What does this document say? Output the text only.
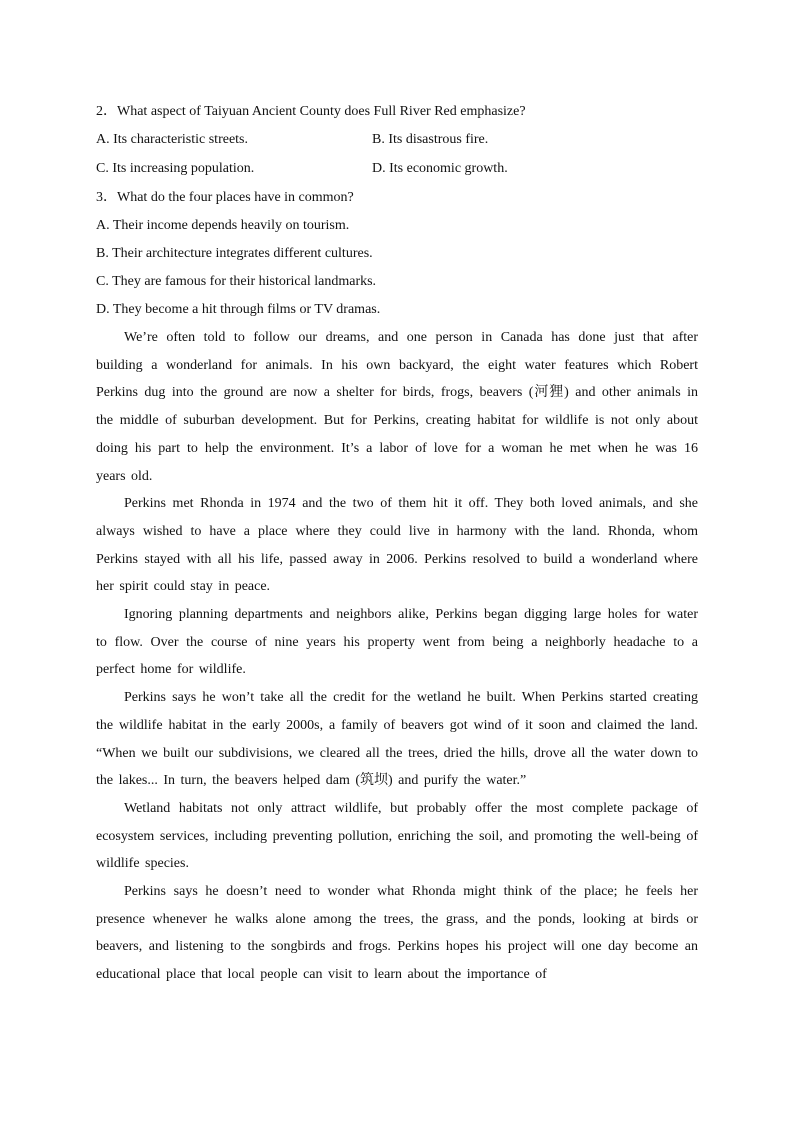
2．What aspect of Taiyuan Ancient County does Full River Red emphasize?
A. Its characteristic streets.	B. Its disastrous fire.
C. Its increasing population.	D. Its economic growth.
3．What do the four places have in common?
A. Their income depends heavily on tourism.
B. Their architecture integrates different cultures.
C. They are famous for their historical landmarks.
D. They become a hit through films or TV dramas.

We’re often told to follow our dreams, and one person in Canada has done just that after building a wonderland for animals. In his own backyard, the eight water features which Robert Perkins dug into the ground are now a shelter for birds, frogs, beavers (河狸) and other animals in the middle of suburban development. But for Perkins, creating habitat for wildlife is not only about doing his part to help the environment. It’s a labor of love for a woman he met when he was 16 years old.

Perkins met Rhonda in 1974 and the two of them hit it off. They both loved animals, and she always wished to have a place where they could live in harmony with the land. Rhonda, whom Perkins stayed with all his life, passed away in 2006. Perkins resolved to build a wonderland where her spirit could stay in peace.

Ignoring planning departments and neighbors alike, Perkins began digging large holes for water to flow. Over the course of nine years his property went from being a neighborly headache to a perfect home for wildlife.

Perkins says he won’t take all the credit for the wetland he built. When Perkins started creating the wildlife habitat in the early 2000s, a family of beavers got wind of it soon and claimed the land. “When we built our subdivisions, we cleared all the trees, dried the hills, drove all the water down to the lakes... In turn, the beavers helped dam (筑坝) and purify the water.”

Wetland habitats not only attract wildlife, but probably offer the most complete package of ecosystem services, including preventing pollution, enriching the soil, and promoting the well-being of wildlife species.

Perkins says he doesn’t need to wonder what Rhonda might think of the place; he feels her presence whenever he walks alone among the trees, the grass, and the ponds, looking at birds or beavers, and listening to the songbirds and frogs. Perkins hopes his project will one day become an educational place that local people can visit to learn about the importance of
